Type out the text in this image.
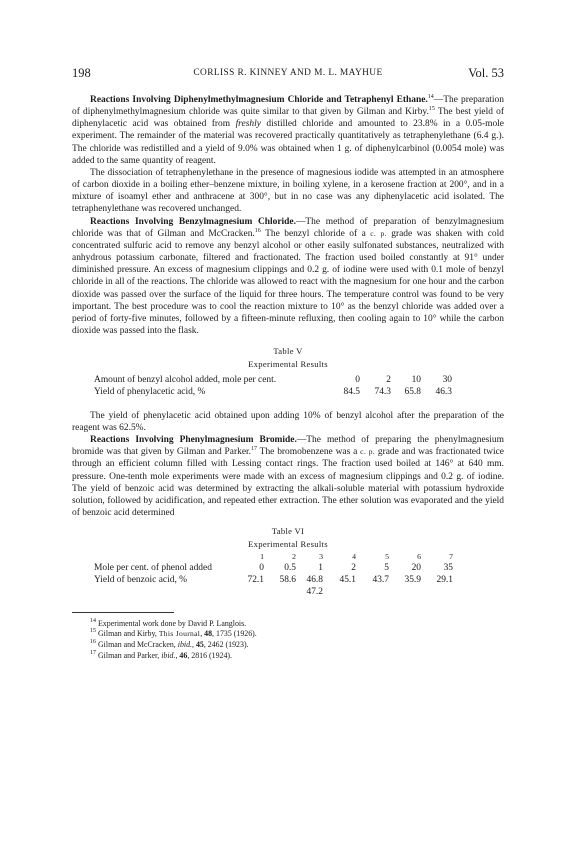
198	CORLISS R. KINNEY AND M. L. MAYHUE	Vol. 53

Reactions Involving Diphenylmethylmagnesium Chloride and Tetraphenyl Ethane.$^{14}$—The preparation of diphenylmethylmagnesium chloride was quite similar to that given by Gilman and Kirby.$^{15}$ The best yield of diphenylacetic acid was obtained from freshly distilled chloride and amounted to 23.8% in a 0.05-mole experiment. The remainder of the material was recovered practically quantitatively as tetraphenylethane (6.4 g.). The chloride was redistilled and a yield of 9.0% was obtained when 1 g. of diphenylcarbinol (0.0054 mole) was added to the same quantity of reagent.

The dissociation of tetraphenylethane in the presence of magnesious iodide was attempted in an atmosphere of carbon dioxide in a boiling ether–benzene mixture, in boiling xylene, in a kerosene fraction at 200°, and in a mixture of isoamyl ether and anthracene at 300°, but in no case was any diphenylacetic acid isolated. The tetraphenylethane was recovered unchanged.

Reactions Involving Benzylmagnesium Chloride.—The method of preparation of benzylmagnesium chloride was that of Gilman and McCracken.$^{16}$ The benzyl chloride of a c. p. grade was shaken with cold concentrated sulfuric acid to remove any benzyl alcohol or other easily sulfonated substances, neutralized with anhydrous potassium carbonate, filtered and fractionated. The fraction used boiled constantly at 91° under diminished pressure. An excess of magnesium clippings and 0.2 g. of iodine were used with 0.1 mole of benzyl chloride in all of the reactions. The chloride was allowed to react with the magnesium for one hour and the carbon dioxide was passed over the surface of the liquid for three hours. The temperature control was found to be very important. The best procedure was to cool the reaction mixture to 10° as the benzyl chloride was added over a period of forty-five minutes, followed by a fifteen-minute refluxing, then cooling again to 10° while the carbon dioxide was passed into the flask.

Table V

Experimental Results

Amount of benzyl alcohol added, mole per cent.	0	2	10	30
Yield of phenylacetic acid, %	84.5	74.3	65.8	46.3

The yield of phenylacetic acid obtained upon adding 10% of benzyl alcohol after the preparation of the reagent was 62.5%.

Reactions Involving Phenylmagnesium Bromide.—The method of preparing the phenylmagnesium bromide was that given by Gilman and Parker.$^{17}$ The bromobenzene was a c. p. grade and was fractionated twice through an efficient column filled with Lessing contact rings. The fraction used boiled at 146° at 640 mm. pressure. One-tenth mole experiments were made with an excess of magnesium clippings and 0.2 g. of iodine. The yield of benzoic acid was determined by extracting the alkali-soluble material with potassium hydroxide solution, followed by acidification, and repeated ether extraction. The ether solution was evaporated and the yield of benzoic acid determined

Table VI

Experimental Results

	1	2	3	4	5	6	7
Mole per cent. of phenol added	0	0.5	1	2	5	20	35
Yield of benzoic acid, %	72.1	58.6	46.8	45.1	43.7	35.9	29.1
			47.2				

$^{14}$ Experimental work done by David P. Langlois.

$^{15}$ Gilman and Kirby, This Journal, 48, 1735 (1926).

$^{16}$ Gilman and McCracken, ibid., 45, 2462 (1923).

$^{17}$ Gilman and Parker, ibid., 46, 2816 (1924).
